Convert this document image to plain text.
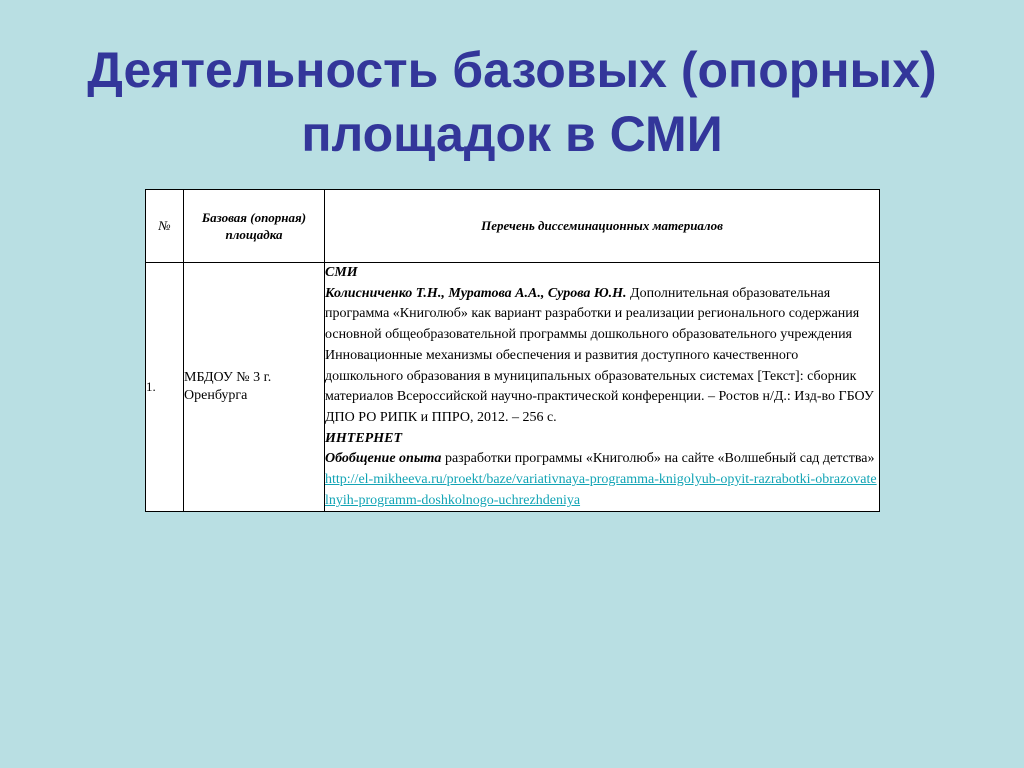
Деятельность базовых (опорных)
площадок в СМИ
№	Базовая (опорная) площадка	Перечень диссеминационных материалов
1.	МБДОУ № 3 г. Оренбурга	СМИ
Колисниченко Т.Н., Муратова А.А., Сурова Ю.Н. Дополнительная образовательная программа «Книголюб» как вариант разработки и реализации регионального содержания основной общеобразовательной программы дошкольного образовательного учреждения Инновационные механизмы обеспечения и развития доступного качественного дошкольного образования в муниципальных образовательных системах [Текст]: сборник материалов Всероссийской научно-практической конференции. – Ростов н/Д.: Изд-во ГБОУ ДПО РО РИПК и ППРО, 2012. – 256 с.
ИНТЕРНЕТ
Обобщение опыта разработки программы «Книголюб» на сайте «Волшебный сад детства» http://el-mikheeva.ru/proekt/baze/variativnaya-programma-knigolyub-opyit-razrabotki-obrazovatelnyih-programm-doshkolnogo-uchrezhdeniya
